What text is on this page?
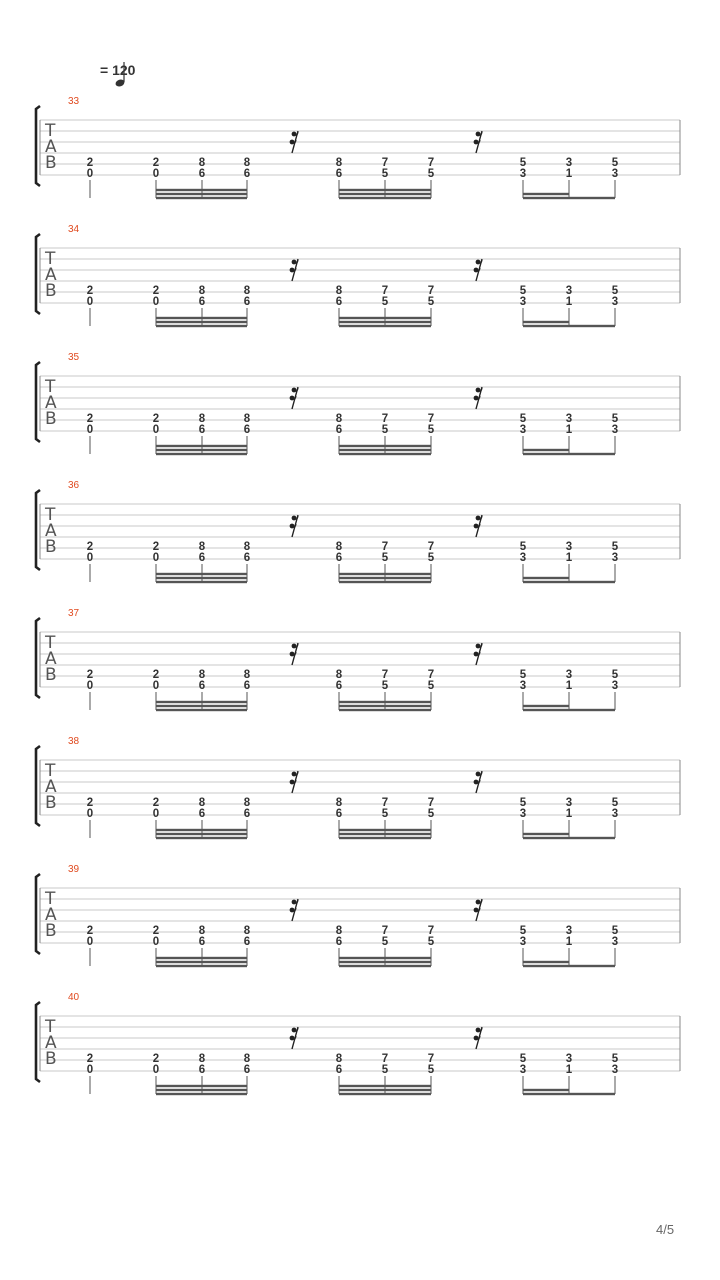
= 120
33
T
A
B	2
0
2
0
8
6
8
6
8
6
7
5
7
5
5
3
3
1
5
3
34
T
A
B	2
0
2
0
8
6
8
6
8
6
7
5
7
5
5
3
3
1
5
3
35
T
A
B	2
0
2
0
8
6
8
6
8
6
7
5
7
5
5
3
3
1
5
3
36
T
A
B	2
0
2
0
8
6
8
6
8
6
7
5
7
5
5
3
3
1
5
3
37
T
A
B	2
0
2
0
8
6
8
6
8
6
7
5
7
5
5
3
3
1
5
3
38
T
A
B	2
0
2
0
8
6
8
6
8
6
7
5
7
5
5
3
3
1
5
3
39
T
A
B	2
0
2
0
8
6
8
6
8
6
7
5
7
5
5
3
3
1
5
3
40
T
A
B	2
0
2
0
8
6
8
6
8
6
7
5
7
5
5
3
3
1
5
3
4/5
